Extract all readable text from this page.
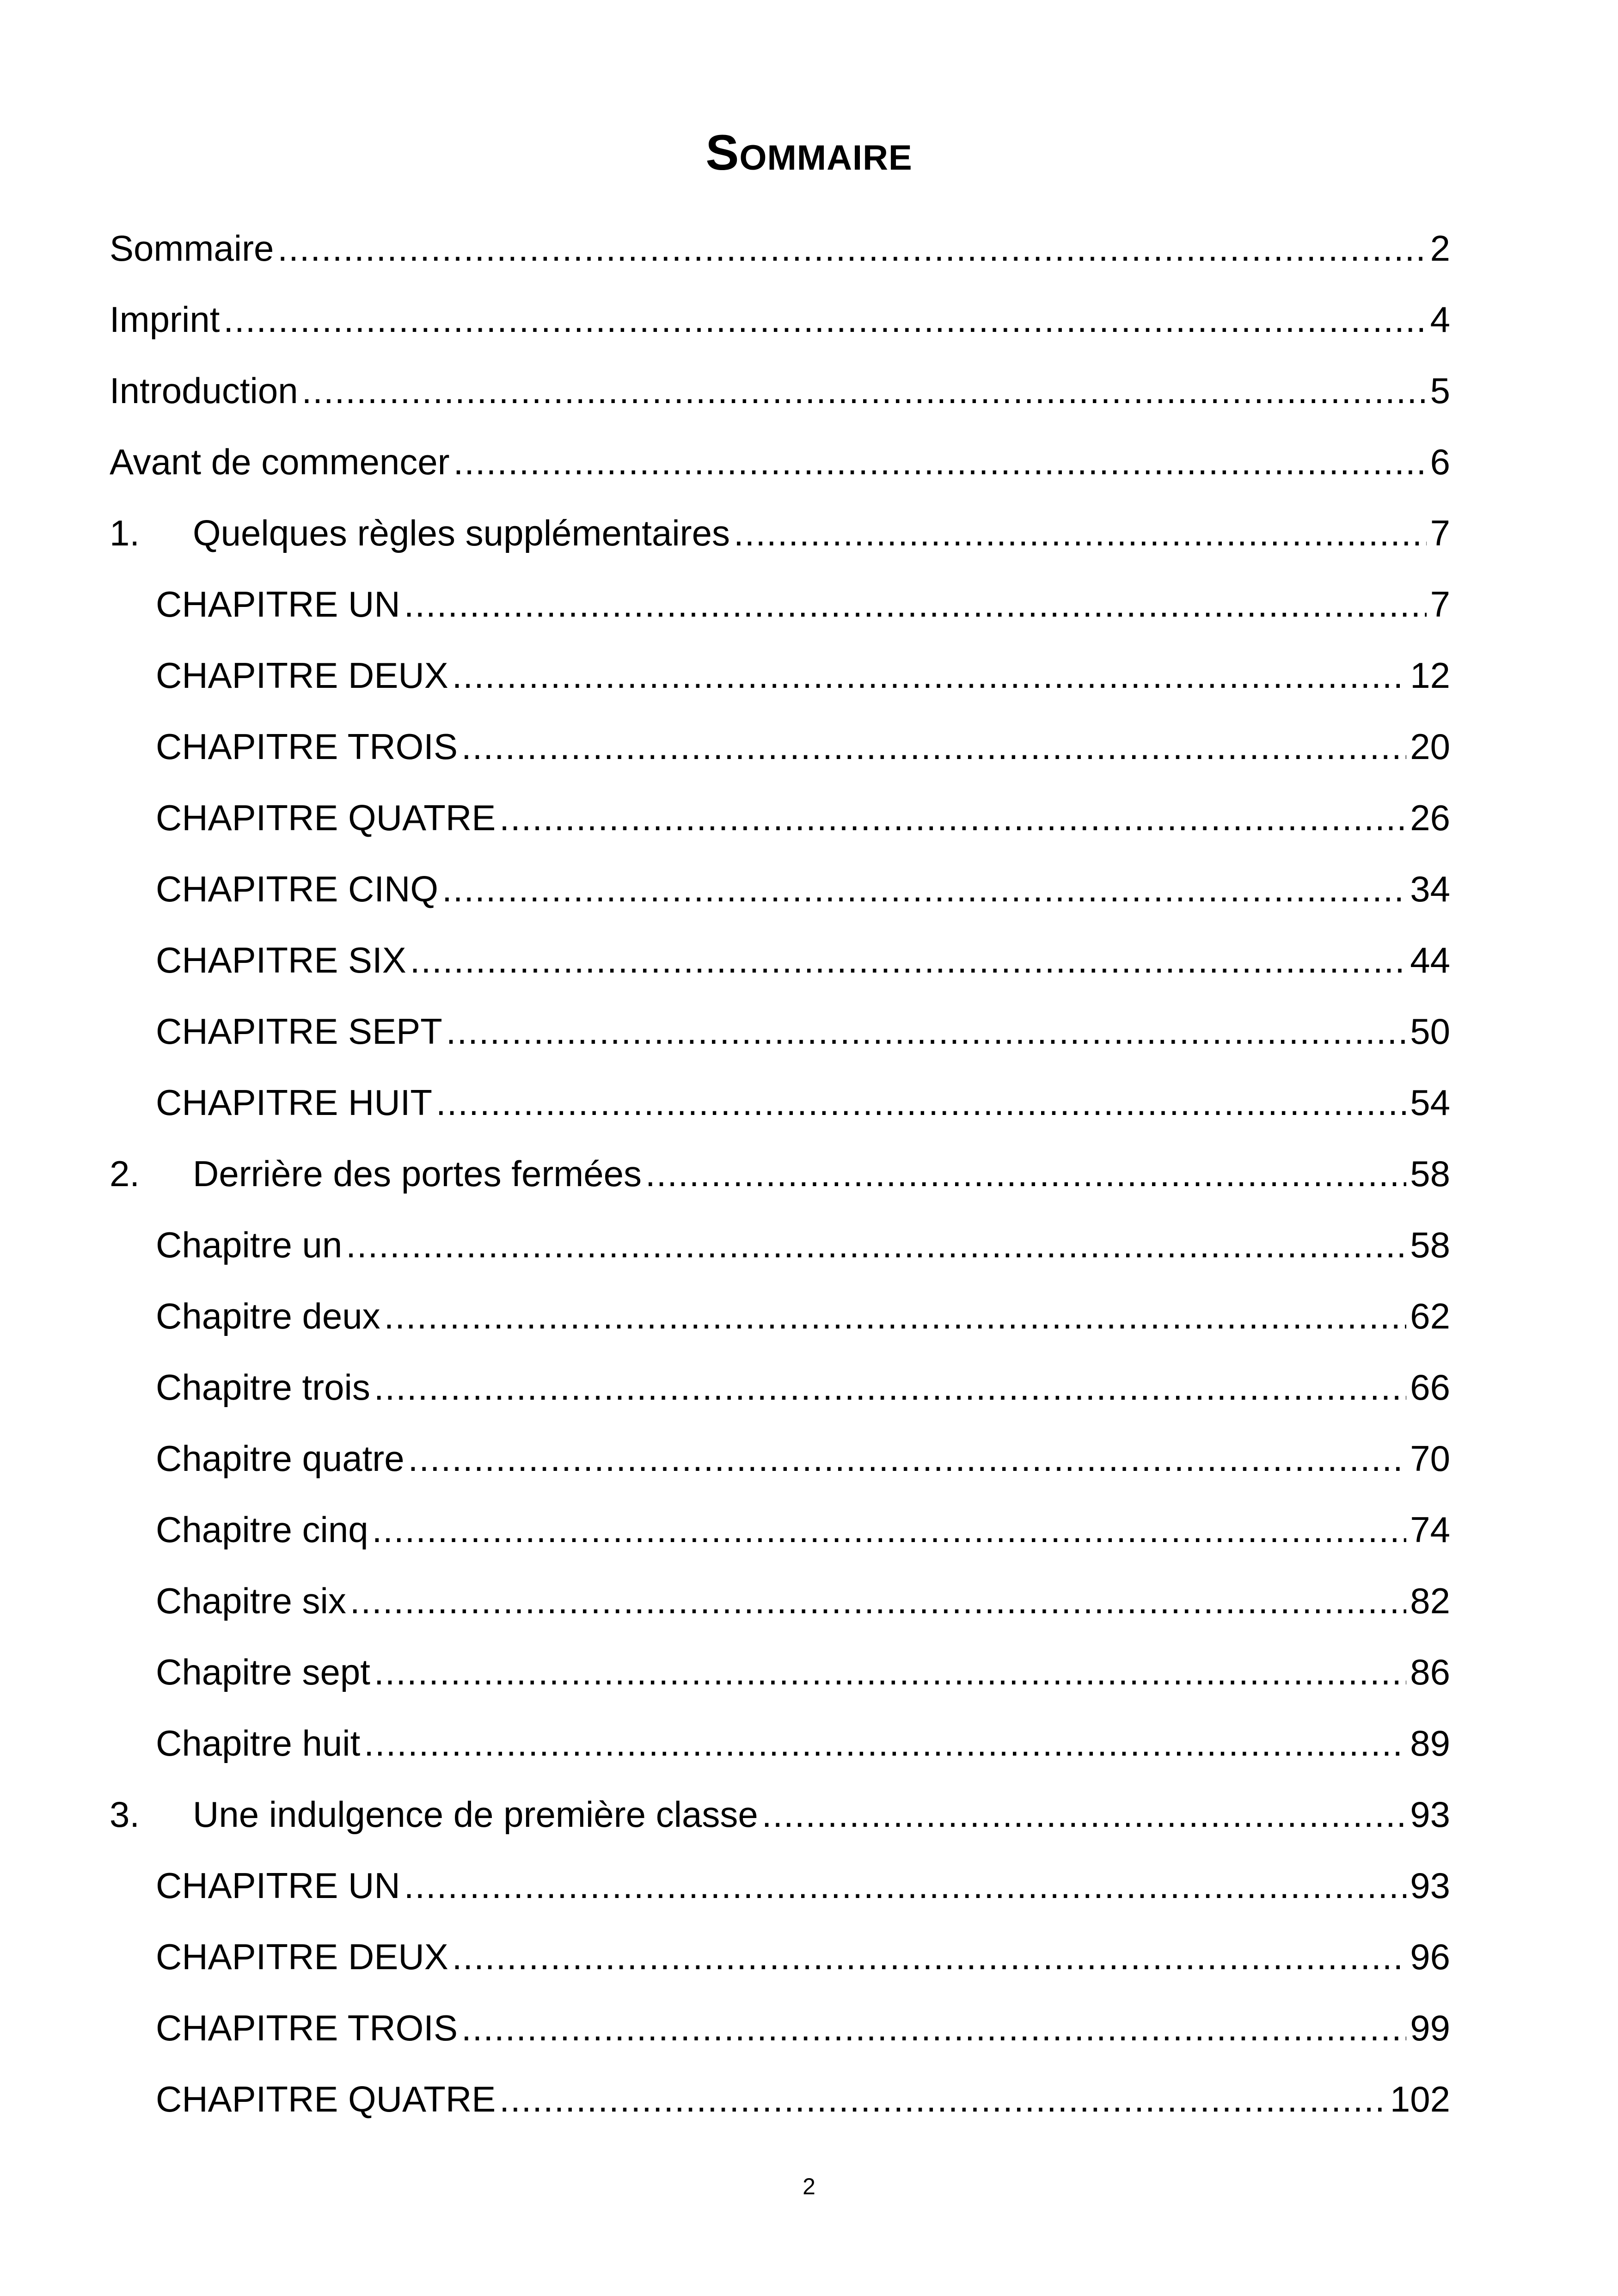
Sommaire
Sommaire .....	2
Imprint .....	4
Introduction .....	5
Avant de commencer .....	6
1.	Quelques règles supplémentaires .....	7
CHAPITRE UN .....	7
CHAPITRE DEUX .....	12
CHAPITRE TROIS .....	20
CHAPITRE QUATRE .....	26
CHAPITRE CINQ .....	34
CHAPITRE SIX .....	44
CHAPITRE SEPT .....	50
CHAPITRE HUIT .....	54
2.	Derrière des portes fermées .....	58
Chapitre un .....	58
Chapitre deux .....	62
Chapitre trois .....	66
Chapitre quatre .....	70
Chapitre cinq .....	74
Chapitre six .....	82
Chapitre sept .....	86
Chapitre huit .....	89
3.	Une indulgence de première classe .....	93
CHAPITRE UN .....	93
CHAPITRE DEUX .....	96
CHAPITRE TROIS .....	99
CHAPITRE QUATRE .....	102
2
